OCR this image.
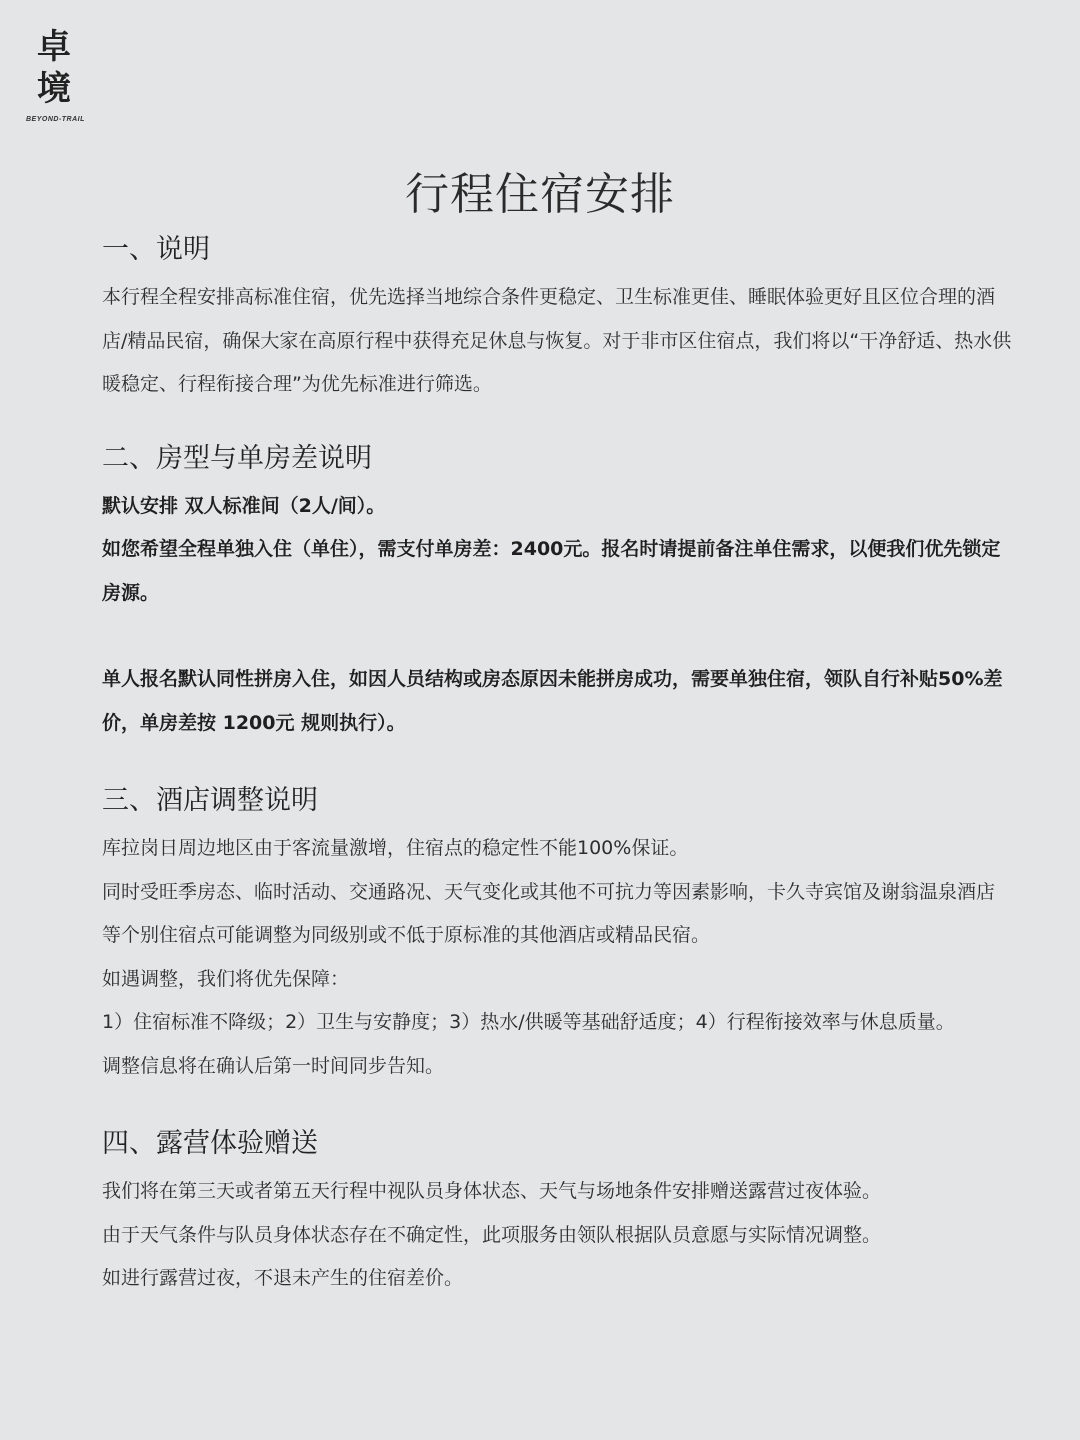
卓
境
BEYOND-TRAIL
行程住宿安排
一、说明

本行程全程安排高标准住宿，优先选择当地综合条件更稳定、卫生标准更佳、睡眠体验更好且区位合理的酒店/精品民宿，确保大家在高原行程中获得充足休息与恢复。对于非市区住宿点，我们将以“干净舒适、热水供暖稳定、行程衔接合理”为优先标准进行筛选。

二、房型与单房差说明

默认安排 双人标准间（2人/间）。

如您希望全程单独入住（单住），需支付单房差：2400元。报名时请提前备注单住需求，以便我们优先锁定房源。

单人报名默认同性拼房入住，如因人员结构或房态原因未能拼房成功，需要单独住宿，领队自行补贴50%差价，单房差按 1200元 规则执行）。

三、酒店调整说明

库拉岗日周边地区由于客流量激增，住宿点的稳定性不能100%保证。

同时受旺季房态、临时活动、交通路况、天气变化或其他不可抗力等因素影响，卡久寺宾馆及谢翁温泉酒店等个别住宿点可能调整为同级别或不低于原标准的其他酒店或精品民宿。

如遇调整，我们将优先保障：

1）住宿标准不降级；2）卫生与安静度；3）热水/供暖等基础舒适度；4）行程衔接效率与休息质量。

调整信息将在确认后第一时间同步告知。

四、露营体验赠送

我们将在第三天或者第五天行程中视队员身体状态、天气与场地条件安排赠送露营过夜体验。

由于天气条件与队员身体状态存在不确定性，此项服务由领队根据队员意愿与实际情况调整。

如进行露营过夜，不退未产生的住宿差价。
